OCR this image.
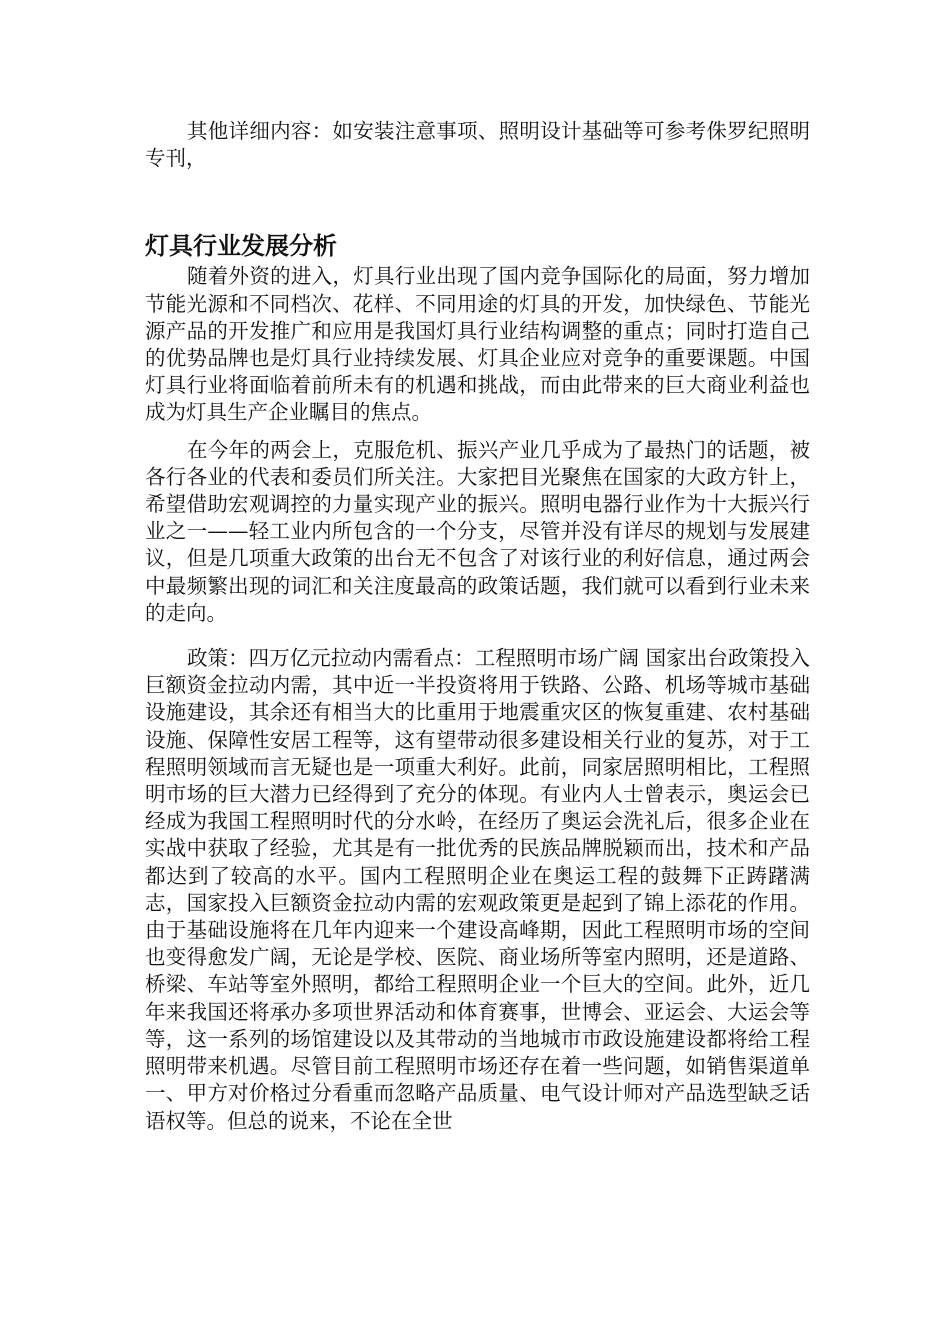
其他详细内容：如安装注意事项、照明设计基础等可参考侏罗纪照明专刊，

灯具行业发展分析

随着外资的进入，灯具行业出现了国内竞争国际化的局面，努力增加节能光源和不同档次、花样、不同用途的灯具的开发，加快绿色、节能光源产品的开发推广和应用是我国灯具行业结构调整的重点；同时打造自己的优势品牌也是灯具行业持续发展、灯具企业应对竞争的重要课题。中国灯具行业将面临着前所未有的机遇和挑战，而由此带来的巨大商业利益也成为灯具生产企业瞩目的焦点。

在今年的两会上，克服危机、振兴产业几乎成为了最热门的话题，被各行各业的代表和委员们所关注。大家把目光聚焦在国家的大政方针上，希望借助宏观调控的力量实现产业的振兴。照明电器行业作为十大振兴行业之一——轻工业内所包含的一个分支，尽管并没有详尽的规划与发展建议，但是几项重大政策的出台无不包含了对该行业的利好信息，通过两会中最频繁出现的词汇和关注度最高的政策话题，我们就可以看到行业未来的走向。

政策：四万亿元拉动内需看点：工程照明市场广阔 国家出台政策投入巨额资金拉动内需，其中近一半投资将用于铁路、公路、机场等城市基础设施建设，其余还有相当大的比重用于地震重灾区的恢复重建、农村基础设施、保障性安居工程等，这有望带动很多建设相关行业的复苏，对于工程照明领域而言无疑也是一项重大利好。此前，同家居照明相比，工程照明市场的巨大潜力已经得到了充分的体现。有业内人士曾表示，奥运会已经成为我国工程照明时代的分水岭，在经历了奥运会洗礼后，很多企业在实战中获取了经验，尤其是有一批优秀的民族品牌脱颖而出，技术和产品都达到了较高的水平。国内工程照明企业在奥运工程的鼓舞下正踌躇满志，国家投入巨额资金拉动内需的宏观政策更是起到了锦上添花的作用。由于基础设施将在几年内迎来一个建设高峰期，因此工程照明市场的空间也变得愈发广阔，无论是学校、医院、商业场所等室内照明，还是道路、桥梁、车站等室外照明，都给工程照明企业一个巨大的空间。此外，近几年来我国还将承办多项世界活动和体育赛事，世博会、亚运会、大运会等等，这一系列的场馆建设以及其带动的当地城市市政设施建设都将给工程照明带来机遇。尽管目前工程照明市场还存在着一些问题，如销售渠道单一、甲方对价格过分看重而忽略产品质量、电气设计师对产品选型缺乏话语权等。但总的说来，不论在全世
